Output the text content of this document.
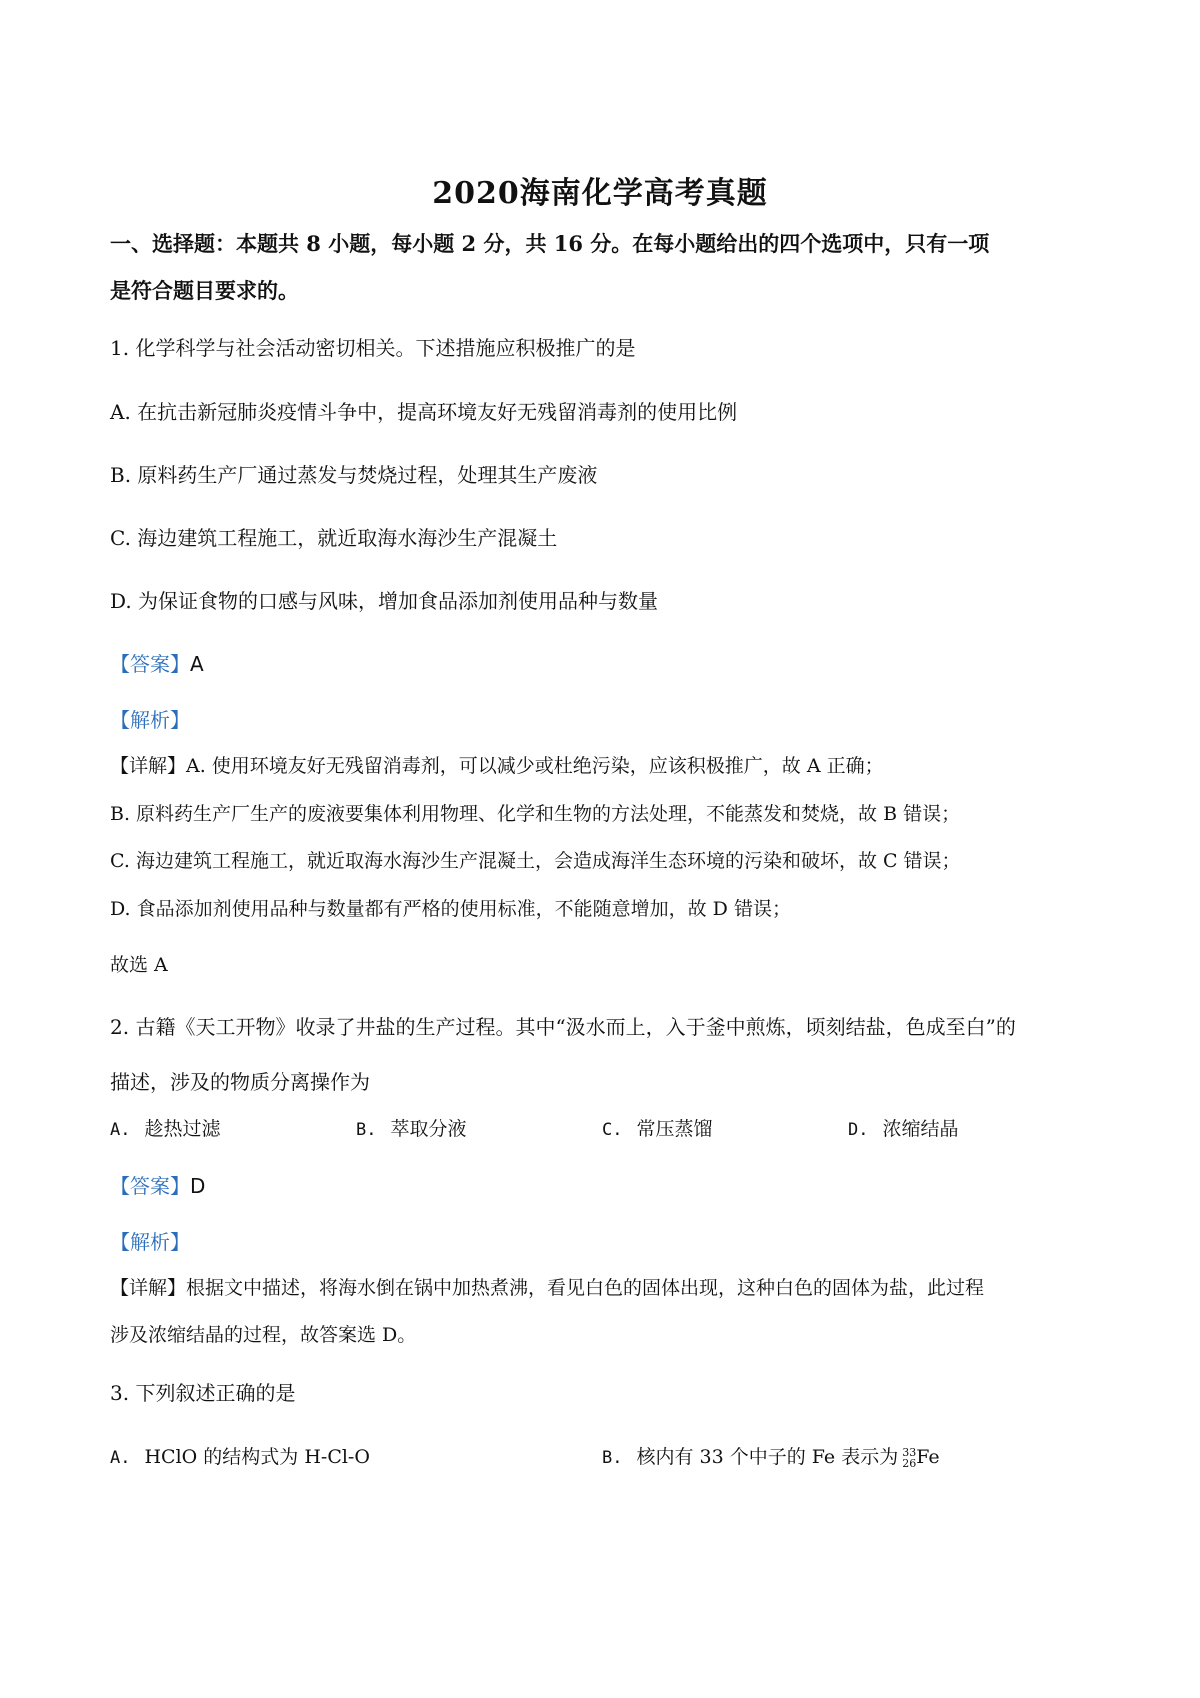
2020海南化学高考真题
一、选择题：本题共 8 小题，每小题 2 分，共 16 分。在每小题给出的四个选项中，只有一项
是符合题目要求的。
1. 化学科学与社会活动密切相关。下述措施应积极推广的是
A. 在抗击新冠肺炎疫情斗争中，提高环境友好无残留消毒剂的使用比例
B. 原料药生产厂通过蒸发与焚烧过程，处理其生产废液
C. 海边建筑工程施工，就近取海水海沙生产混凝土
D. 为保证食物的口感与风味，增加食品添加剂使用品种与数量
【答案】A
【解析】
【详解】A. 使用环境友好无残留消毒剂，可以减少或杜绝污染，应该积极推广，故 A 正确；
B. 原料药生产厂生产的废液要集体利用物理、化学和生物的方法处理，不能蒸发和焚烧，故 B 错误；
C. 海边建筑工程施工，就近取海水海沙生产混凝土，会造成海洋生态环境的污染和破坏，故 C 错误；
D. 食品添加剂使用品种与数量都有严格的使用标准，不能随意增加，故 D 错误；
故选 A
2. 古籍《天工开物》收录了井盐的生产过程。其中“汲水而上，入于釜中煎炼，顷刻结盐，色成至白”的
描述，涉及的物质分离操作为
A. 趁热过滤	B. 萃取分液	C. 常压蒸馏	D. 浓缩结晶
【答案】D
【解析】
【详解】根据文中描述，将海水倒在锅中加热煮沸，看见白色的固体出现，这种白色的固体为盐，此过程
涉及浓缩结晶的过程，故答案选 D。
3. 下列叙述正确的是
A. HClO 的结构式为 H-Cl-O	B. 核内有 33 个中子的 Fe 表示为 33
26 Fe
